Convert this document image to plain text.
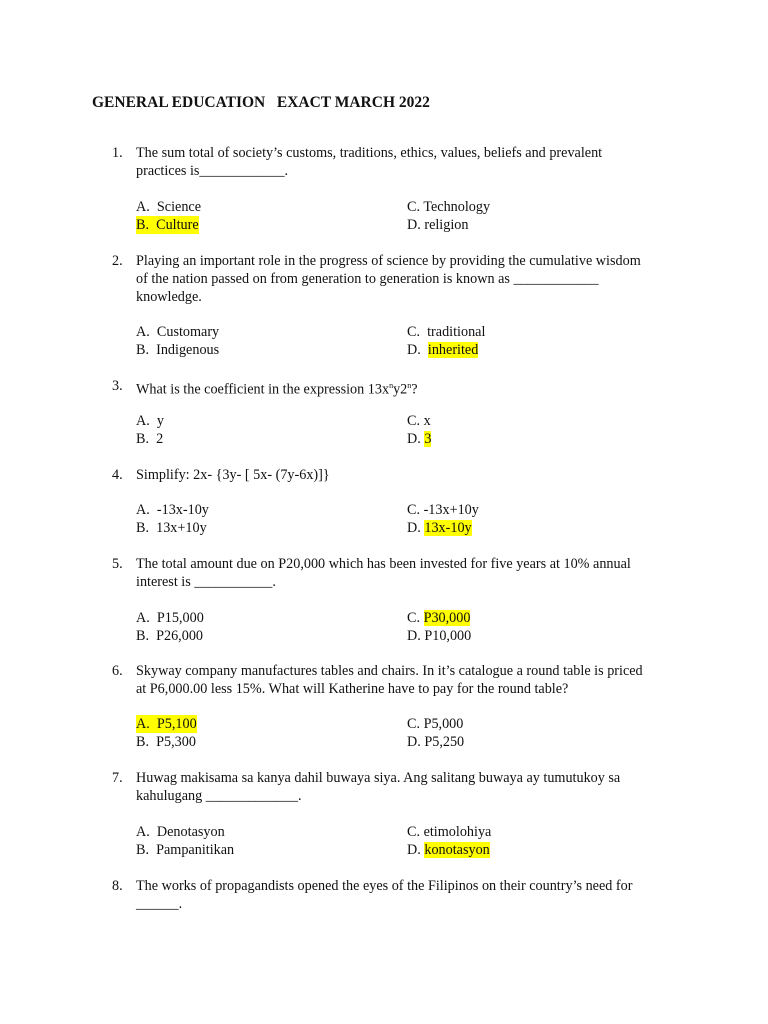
GENERAL EDUCATION   EXACT MARCH 2022
1. The sum total of society’s customs, traditions, ethics, values, beliefs and prevalent
practices is____________.
A. Science	C. Technology
B. Culture	D. religion
2. Playing an important role in the progress of science by providing the cumulative wisdom
of the nation passed on from generation to generation is known as ____________
knowledge.
A. Customary	C. traditional
B. Indigenous	D. inherited
3. What is the coefficient in the expression $13x^ny2^n$?
A. y	C. x
B. 2	D. 3
4. Simplify: 2x- {3y- [ 5x- (7y-6x)]}
A. -13x-10y	C. -13x+10y
B. 13x+10y	D. 13x-10y
5. The total amount due on P20,000 which has been invested for five years at 10% annual
interest is ___________.
A. P15,000	C. P30,000
B. P26,000	D. P10,000
6. Skyway company manufactures tables and chairs. In it’s catalogue a round table is priced
at P6,000.00 less 15%. What will Katherine have to pay for the round table?
A. P5,100	C. P5,000
B. P5,300	D. P5,250
7. Huwag makisama sa kanya dahil buwaya siya. Ang salitang buwaya ay tumutukoy sa
kahulugang _____________.
A. Denotasyon	C. etimolohiya
B. Pampanitikan	D. konotasyon
8. The works of propagandists opened the eyes of the Filipinos on their country’s need for
______.
